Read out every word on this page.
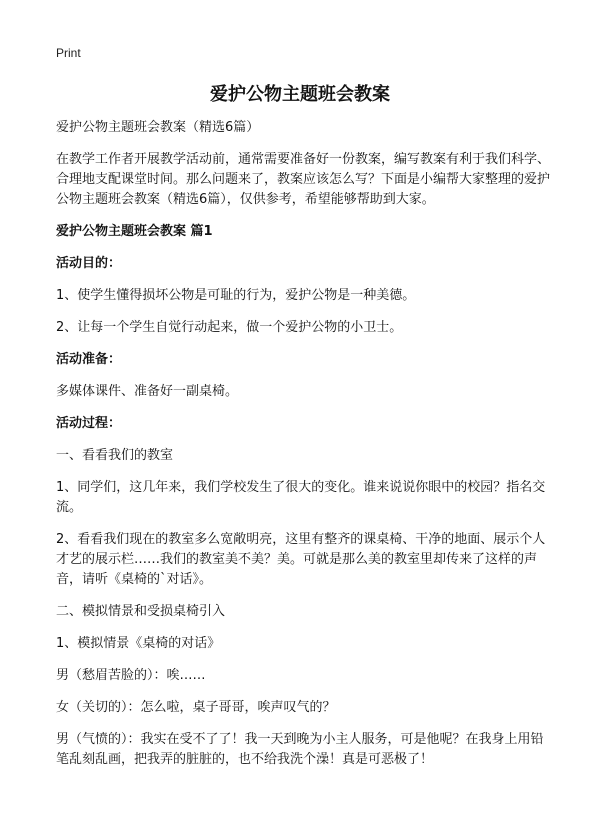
Print
爱护公物主题班会教案

爱护公物主题班会教案（精选6篇）

在教学工作者开展教学活动前，通常需要准备好一份教案，编写教案有利于我们科学、合理地支配课堂时间。那么问题来了，教案应该怎么写？下面是小编帮大家整理的爱护公物主题班会教案（精选6篇），仅供参考，希望能够帮助到大家。

爱护公物主题班会教案 篇1

活动目的：

1、使学生懂得损坏公物是可耻的行为，爱护公物是一种美德。

2、让每一个学生自觉行动起来，做一个爱护公物的小卫士。

活动准备：

多媒体课件、准备好一副桌椅。

活动过程：

一、看看我们的教室

1、同学们，这几年来，我们学校发生了很大的变化。谁来说说你眼中的校园？指名交流。

2、看看我们现在的教室多么宽敞明亮，这里有整齐的课桌椅、干净的地面、展示个人才艺的展示栏……我们的教室美不美？美。可就是那么美的教室里却传来了这样的声音，请听《桌椅的`对话》。

二、模拟情景和受损桌椅引入

1、模拟情景《桌椅的对话》

男（愁眉苦脸的）：唉……

女（关切的）：怎么啦，桌子哥哥，唉声叹气的？

男（气愤的）：我实在受不了了！我一天到晚为小主人服务，可是他呢？在我身上用铅笔乱刻乱画，把我弄的脏脏的，也不给我洗个澡！真是可恶极了！
